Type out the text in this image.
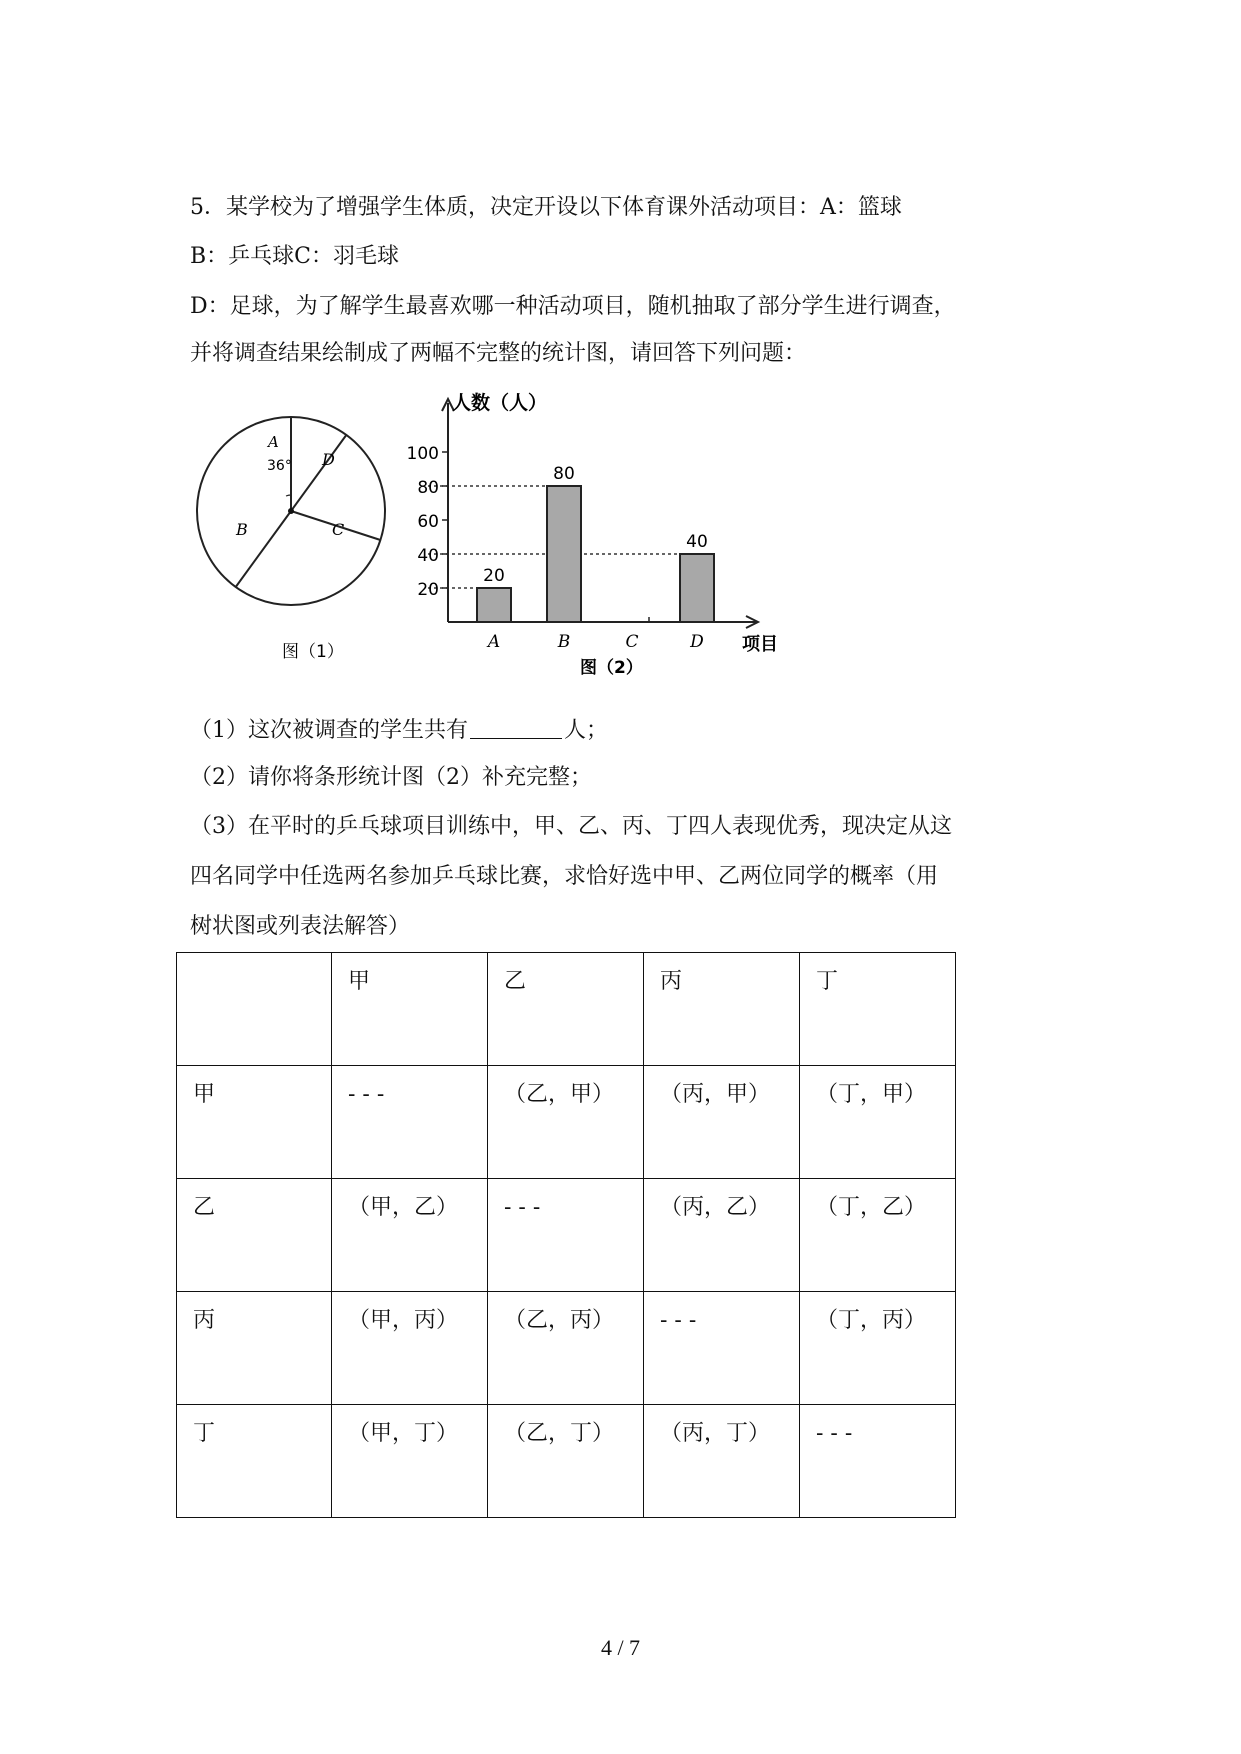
5．某学校为了增强学生体质，决定开设以下体育课外活动项目：A：篮球
B：乒乓球C：羽毛球
D：足球，为了解学生最喜欢哪一种活动项目，随机抽取了部分学生进行调查，
并将调查结果绘制成了两幅不完整的统计图，请回答下列问题：
A
36° D
C
B
图（1）
20
40
60
80
100
A	B	C	D
20
80
40
人数（人）
项目
图（2）
（1）这次被调查的学生共有	人；
（2）请你将条形统计图（2）补充完整；
（3）在平时的乒乓球项目训练中，甲、乙、丙、丁四人表现优秀，现决定从这
四名同学中任选两名参加乒乓球比赛，求恰好选中甲、乙两位同学的概率（用
树状图或列表法解答）
	甲	乙	丙	丁
甲	- - -	（乙，甲）	（丙，甲）	（丁，甲）
乙	（甲，乙）	- - -	（丙，乙）	（丁，乙）
丙	（甲，丙）	（乙，丙）	- - -	（丁，丙）
丁	（甲，丁）	（乙，丁）	（丙，丁）	- - -
4 / 7
